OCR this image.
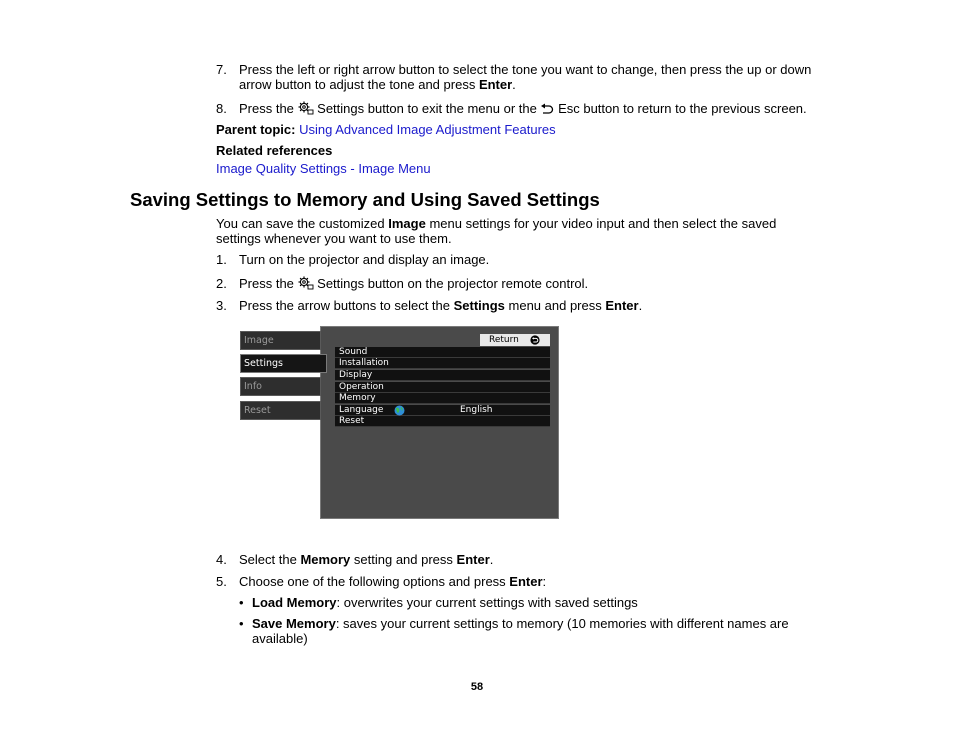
7. Press the left or right arrow button to select the tone you want to change, then press the up or down arrow button to adjust the tone and press Enter.
8. Press the  Settings button to exit the menu or the  Esc button to return to the previous screen.
Parent topic: Using Advanced Image Adjustment Features
Related references
Image Quality Settings - Image Menu
Saving Settings to Memory and Using Saved Settings
You can save the customized Image menu settings for your video input and then select the saved settings whenever you want to use them.
1. Turn on the projector and display an image.
2. Press the  Settings button on the projector remote control.
3. Press the arrow buttons to select the Settings menu and press Enter.
Image
Settings
Info
Reset
Return
Sound
Installation
Display
Operation
Memory
Language	English
Reset
4. Select the Memory setting and press Enter.
5. Choose one of the following options and press Enter:
• Load Memory: overwrites your current settings with saved settings
• Save Memory: saves your current settings to memory (10 memories with different names are available)
58
